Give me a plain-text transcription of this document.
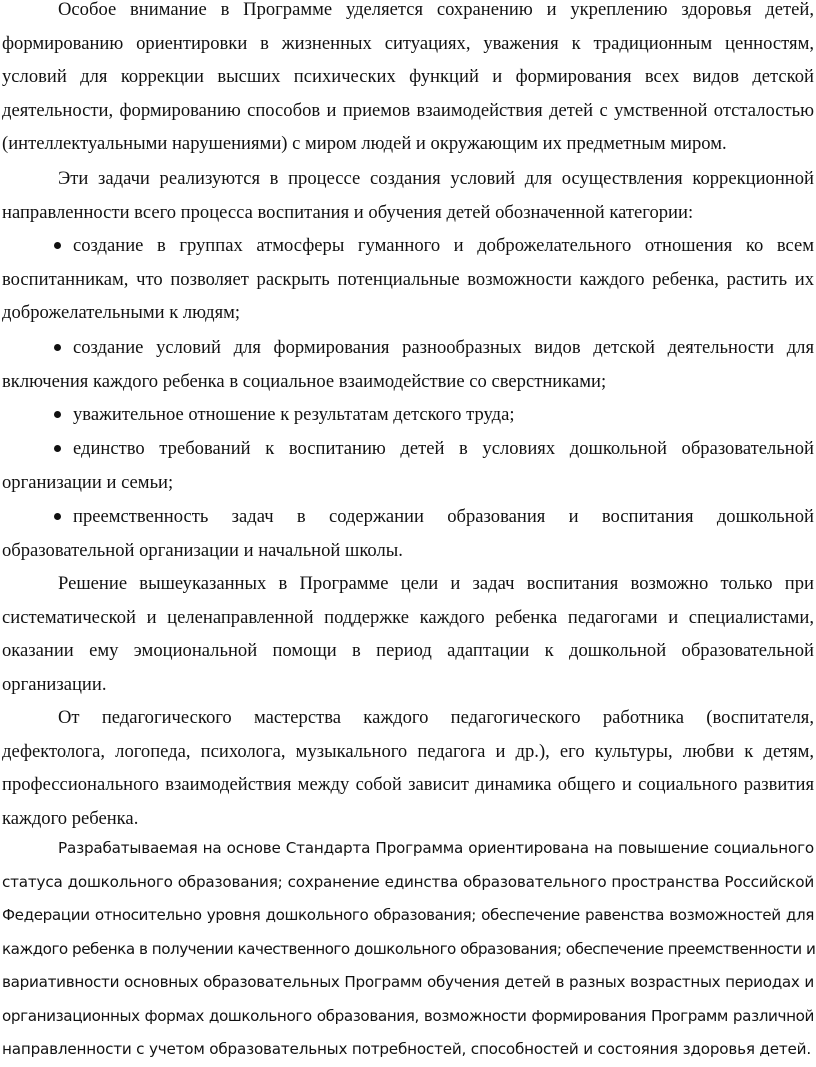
Особое внимание в Программе уделяется сохранению и укреплению здоровья детей,
формированию ориентировки в жизненных ситуациях, уважения к традиционным ценностям,
условий для коррекции высших психических функций и формирования всех видов детской
деятельности, формированию способов и приемов взаимодействия детей с умственной отсталостью
(интеллектуальными нарушениями) с миром людей и окружающим их предметным миром.
Эти задачи реализуются в процессе создания условий для осуществления коррекционной
направленности всего процесса воспитания и обучения детей обозначенной категории:
создание в группах атмосферы гуманного и доброжелательного отношения ко всем
воспитанникам, что позволяет раскрыть потенциальные возможности каждого ребенка, растить их
доброжелательными к людям;
создание условий для формирования разнообразных видов детской деятельности для
включения каждого ребенка в социальное взаимодействие со сверстниками;
уважительное отношение к результатам детского труда;
единство требований к воспитанию детей в условиях дошкольной образовательной
организации и семьи;
преемственность задач в содержании образования и воспитания дошкольной
образовательной организации и начальной школы.
Решение вышеуказанных в Программе цели и задач воспитания возможно только при
систематической и целенаправленной поддержке каждого ребенка педагогами и специалистами,
оказании ему эмоциональной помощи в период адаптации к дошкольной образовательной
организации.
От педагогического мастерства каждого педагогического работника (воспитателя,
дефектолога, логопеда, психолога, музыкального педагога и др.), его культуры, любви к детям,
профессионального взаимодействия между собой зависит динамика общего и социального развития
каждого ребенка.
Разрабатываемая на основе Стандарта Программа ориентирована на повышение социального
статуса дошкольного образования; сохранение единства образовательного пространства Российской
Федерации относительно уровня дошкольного образования; обеспечение равенства возможностей для
каждого ребенка в получении качественного дошкольного образования; обеспечение преемственности и
вариативности основных образовательных Программ обучения детей в разных возрастных периодах и
организационных формах дошкольного образования, возможности формирования Программ различной
направленности с учетом образовательных потребностей, способностей и состояния здоровья детей.
